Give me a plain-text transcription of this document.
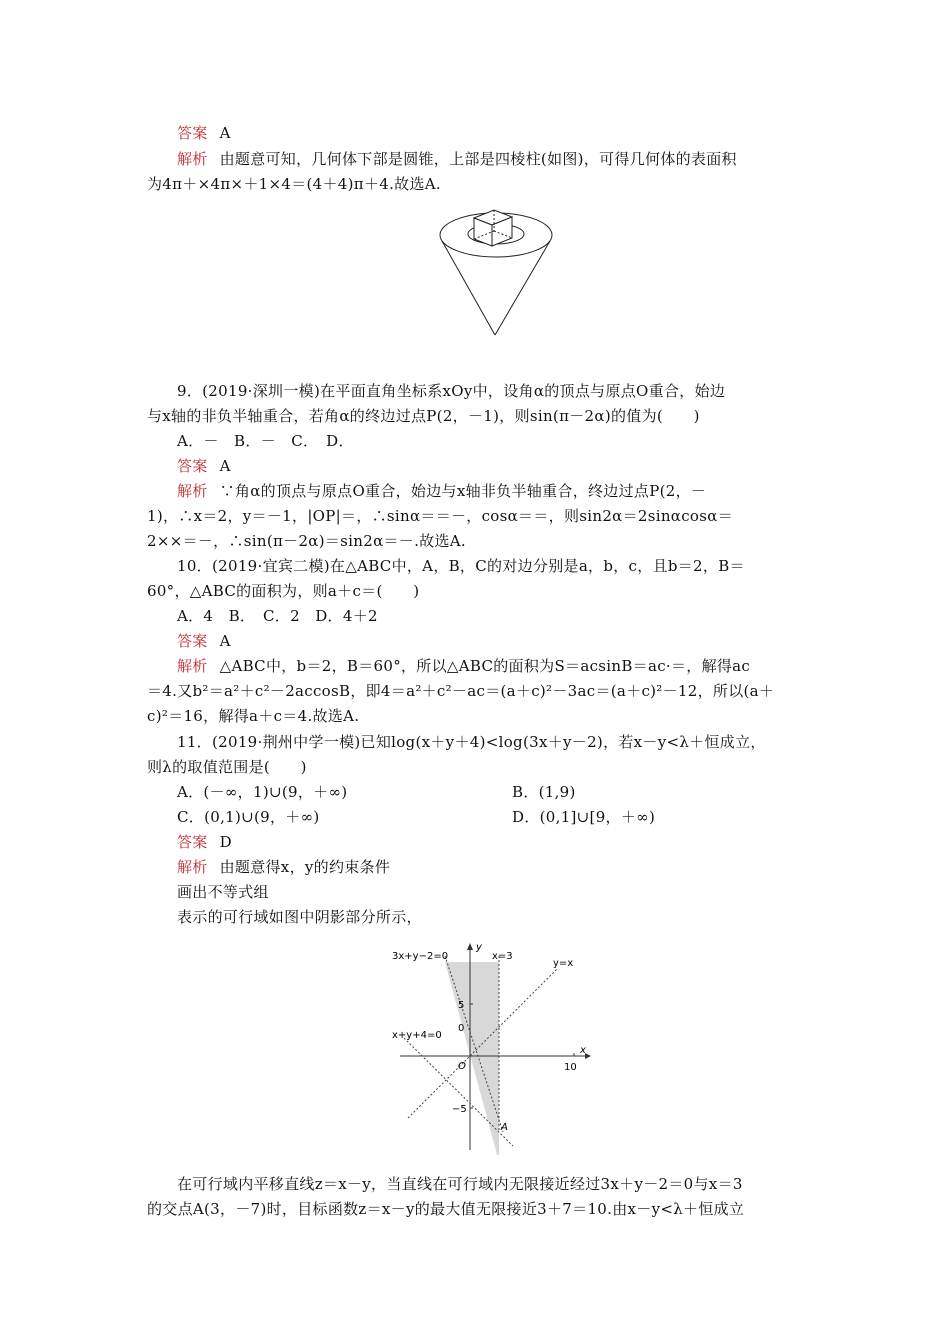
答案 A
解析 由题意可知，几何体下部是圆锥，上部是四棱柱(如图)，可得几何体的表面积
为4π＋×4π×＋1×4＝(4＋4)π＋4.故选A.
9．(2019·深圳一模)在平面直角坐标系xOy中，设角α的顶点与原点O重合，始边
与x轴的非负半轴重合，若角α的终边过点P(2，－1)，则sin(π－2α)的值为(　　)
A．－　B．－　C．　D．
答案 A
解析 ∵角α的顶点与原点O重合，始边与x轴非负半轴重合，终边过点P(2，－
1)，∴x＝2，y＝－1，|OP|＝，∴sinα＝＝－，cosα＝＝，则sin2α＝2sinαcosα＝
2××＝－，∴sin(π－2α)＝sin2α＝－.故选A.
10．(2019·宜宾二模)在△ABC中，A，B，C的对边分别是a，b，c，且b＝2，B＝
60°，△ABC的面积为，则a＋c＝(　　)
A．4　B．　C．2　D．4＋2
答案 A
解析 △ABC中，b＝2，B＝60°，所以△ABC的面积为S＝acsinB＝ac·＝，解得ac
＝4.又b²＝a²＋c²－2accosB，即4＝a²＋c²－ac＝(a＋c)²－3ac＝(a＋c)²－12，所以(a＋
c)²＝16，解得a＋c＝4.故选A.
11．(2019·荆州中学一模)已知log(x＋y＋4)<log(3x＋y－2)，若x－y<λ＋恒成立，
则λ的取值范围是(　　)
A．(－∞，1)∪(9，＋∞)	B．(1,9)
C．(0,1)∪(9，＋∞)	D．(0,1]∪[9，＋∞)
答案 D
解析 由题意得x，y的约束条件
画出不等式组
表示的可行域如图中阴影部分所示，
3x+y−2=0	x=3
y=x
x+y+4=0
y
x
O	10
5
0
−5
A
在可行域内平移直线z＝x－y，当直线在可行域内无限接近经过3x＋y－2＝0与x＝3
的交点A(3，－7)时，目标函数z＝x－y的最大值无限接近3＋7＝10.由x－y<λ＋恒成立
